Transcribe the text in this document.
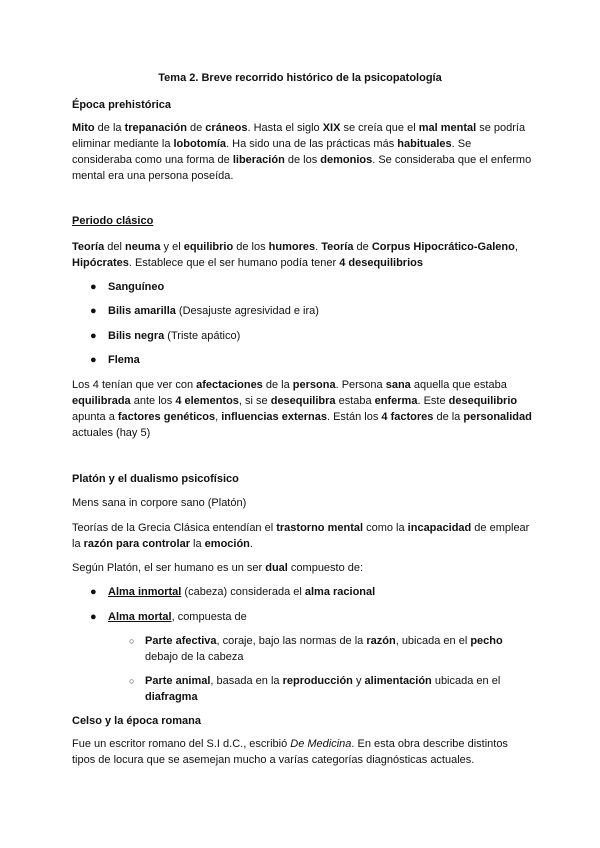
Tema 2. Breve recorrido histórico de la psicopatología

Época prehistórica

Mito de la trepanación de cráneos. Hasta el siglo XIX se creía que el mal mental se podría eliminar mediante la lobotomía. Ha sido una de las prácticas más habituales. Se consideraba como una forma de liberación de los demonios. Se consideraba que el enfermo mental era una persona poseída.

Periodo clásico

Teoría del neuma y el equilibrio de los humores. Teoría de Corpus Hipocrático-Galeno, Hipócrates. Establece que el ser humano podía tener 4 desequilibrios

● Sanguíneo

● Bilis amarilla (Desajuste agresividad e ira)

● Bilis negra (Triste apático)

● Flema

Los 4 tenían que ver con afectaciones de la persona. Persona sana aquella que estaba equilibrada ante los 4 elementos, si se desequilibra estaba enferma. Este desequilibrio apunta a factores genéticos, influencias externas. Están los 4 factores de la personalidad actuales (hay 5)

Platón y el dualismo psicofísico

Mens sana in corpore sano (Platón)

Teorías de la Grecia Clásica entendían el trastorno mental como la incapacidad de emplear la razón para controlar la emoción.

Según Platón, el ser humano es un ser dual compuesto de:

● Alma inmortal (cabeza) considerada el alma racional

● Alma mortal, compuesta de

○ Parte afectiva, coraje, bajo las normas de la razón, ubicada en el pecho debajo de la cabeza

○ Parte animal, basada en la reproducción y alimentación ubicada en el diafragma

Celso y la época romana

Fue un escritor romano del S.I d.C., escribió De Medicina. En esta obra describe distintos tipos de locura que se asemejan mucho a varías categorías diagnósticas actuales.
